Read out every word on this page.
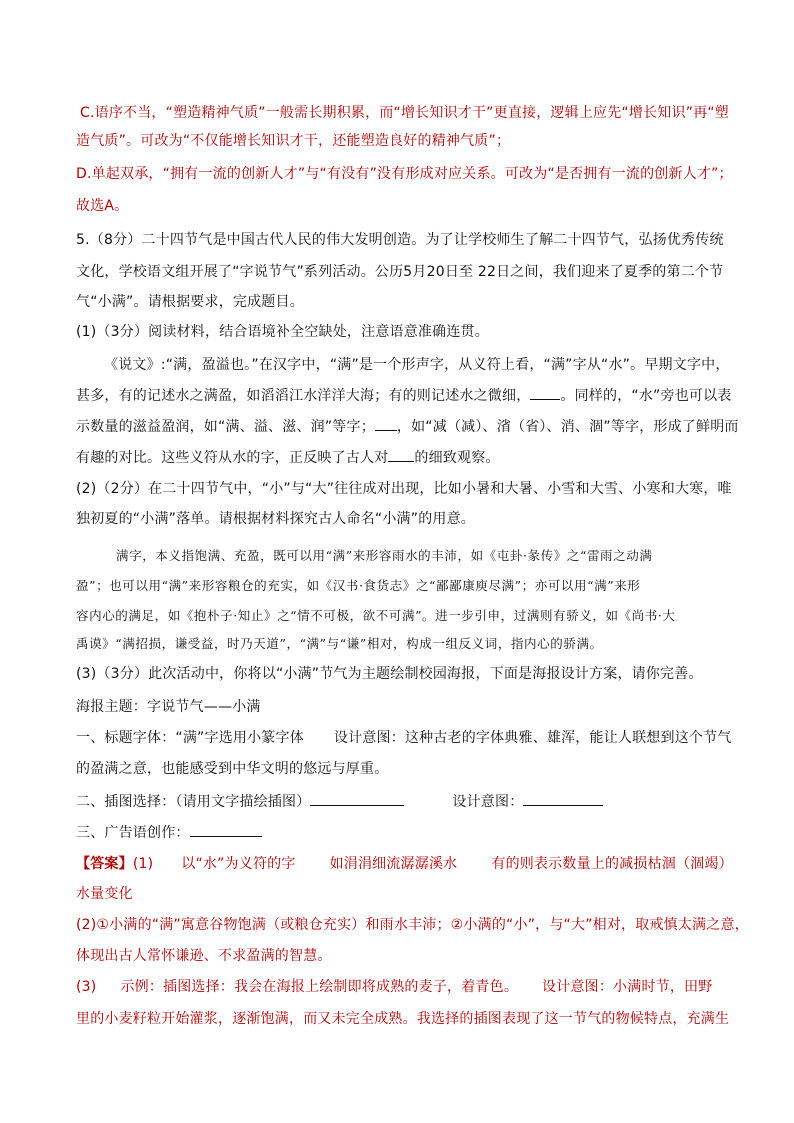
C.语序不当，“塑造精神气质”一般需长期积累，而“增长知识才干”更直接，逻辑上应先“增长知识”再“塑
造气质”。可改为“不仅能增长知识才干，还能塑造良好的精神气质”；
D.单起双承，“拥有一流的创新人才”与“有没有”没有形成对应关系。可改为“是否拥有一流的创新人才”；
故选A。
5.（8分）二十四节气是中国古代人民的伟大发明创造。为了让学校师生了解二十四节气，弘扬优秀传统
文化，学校语文组开展了“字说节气”系列活动。公历5月20日至 22日之间，我们迎来了夏季的第二个节
气“小满”。请根据要求，完成题目。
(1)（3分）阅读材料，结合语境补全空缺处，注意语意准确连贯。
《说文》:“满，盈溢也。”在汉字中，“满”是一个形声字，从义符上看，“满”字从“水”。早期文字中，
甚多，有的记述水之满盈，如滔滔江水洋洋大海；有的则记述水之微细， 。同样的，“水”旁也可以表
示数量的滋益盈润，如“满、溢、滋、润”等字； ，如“减（减）、渻（省）、消、涸”等字，形成了鲜明而
有趣的对比。这些义符从水的字，正反映了古人对 的细致观察。
(2)（2分）在二十四节气中，“小”与“大”往往成对出现，比如小暑和大暑、小雪和大雪、小寒和大寒，唯
独初夏的“小满”落单。请根据材料探究古人命名“小满”的用意。
满字，本义指饱满、充盈，既可以用“满”来形容雨水的丰沛，如《屯卦·彖传》之“雷雨之动满
盈”；也可以用“满”来形容粮仓的充实，如《汉书·食货志》之“鄙鄙康庾尽满”；亦可以用“满”来形
容内心的满足，如《抱朴子·知止》之“情不可极，欲不可满”。进一步引申，过满则有骄义，如《尚书·大
禹谟》“满招损，谦受益，时乃天道”，“满”与“谦”相对，构成一组反义词，指内心的骄满。
(3)（3分）此次活动中，你将以“小满”节气为主题绘制校园海报，下面是海报设计方案，请你完善。
海报主题：字说节气——小满
一、标题字体：“满”字选用小篆字体 设计意图：这种古老的字体典雅、雄浑，能让人联想到这个节气
的盈满之意，也能感受到中华文明的悠远与厚重。
二、插图选择：（请用文字描绘插图）	设计意图：
三、广告语创作：
【答案】(1) 以“水”为义符的字 如涓涓细流潺潺溪水 有的则表示数量上的减损枯涸（涸竭）
水量变化
(2)①小满的“满”寓意谷物饱满（或粮仓充实）和雨水丰沛；②小满的“小”，与“大”相对，取戒慎太满之意，
体现出古人常怀谦逊、不求盈满的智慧。
(3) 示例：插图选择：我会在海报上绘制即将成熟的麦子，着青色。 设计意图：小满时节，田野
里的小麦籽粒开始灌浆，逐渐饱满，而又未完全成熟。我选择的插图表现了这一节气的物候特点，充满生
